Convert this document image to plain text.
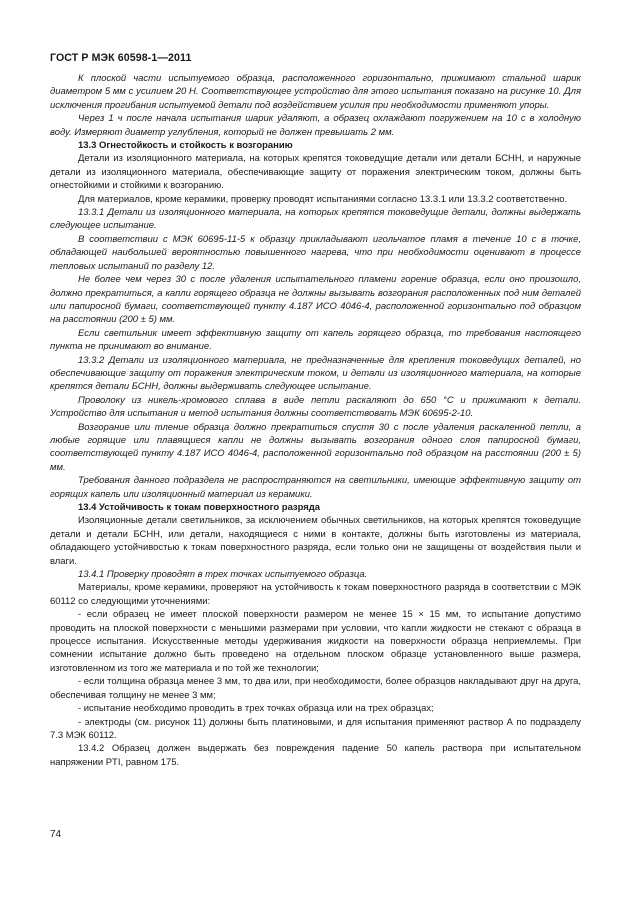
ГОСТ Р МЭК 60598-1—2011

К плоской части испытуемого образца, расположенного горизонтально, прижимают стальной шарик диаметром 5 мм с усилием 20 Н. Соответствующее устройство для этого испытания показано на рисунке 10. Для исключения прогибания испытуемой детали под воздействием усилия при необходимости применяют упоры.

Через 1 ч после начала испытания шарик удаляют, а образец охлаждают погружением на 10 с в холодную воду. Измеряют диаметр углубления, который не должен превышать 2 мм.

13.3 Огнестойкость и стойкость к возгоранию

Детали из изоляционного материала, на которых крепятся токоведущие детали или детали БСНН, и наружные детали из изоляционного материала, обеспечивающие защиту от поражения электрическим током, должны быть огнестойкими и стойкими к возгоранию.

Для материалов, кроме керамики, проверку проводят испытаниями согласно 13.3.1 или 13.3.2 соответственно.

13.3.1 Детали из изоляционного материала, на которых крепятся токоведущие детали, должны выдержать следующее испытание.

В соответствии с МЭК 60695-11-5 к образцу прикладывают игольчатое пламя в течение 10 с в точке, обладающей наибольшей вероятностью повышенного нагрева, что при необходимости оценивают в процессе тепловых испытаний по разделу 12.

Не более чем через 30 с после удаления испытательного пламени горение образца, если оно произошло, должно прекратиться, а капли горящего образца не должны вызывать возгорания расположенных под ним деталей или папиросной бумаги, соответствующей пункту 4.187 ИСО 4046-4, расположенной горизонтально под образцом на расстоянии (200 ± 5) мм.

Если светильник имеет эффективную защиту от капель горящего образца, то требования настоящего пункта не принимают во внимание.

13.3.2 Детали из изоляционного материала, не предназначенные для крепления токоведущих деталей, но обеспечивающие защиту от поражения электрическим током, и детали из изоляционного материала, на которые крепятся детали БСНН, должны выдерживать следующее испытание.

Проволоку из никель-хромового сплава в виде петли раскаляют до 650 °С и прижимают к детали. Устройство для испытания и метод испытания должны соответствовать МЭК 60695-2-10.

Возгорание или тление образца должно прекратиться спустя 30 с после удаления раскаленной петли, а любые горящие или плавящиеся капли не должны вызывать возгорания одного слоя папиросной бумаги, соответствующей пункту 4.187 ИСО 4046-4, расположенной горизонтально под образцом на расстоянии (200 ± 5) мм.

Требования данного подраздела не распространяются на светильники, имеющие эффективную защиту от горящих капель или изоляционный материал из керамики.

13.4 Устойчивость к токам поверхностного разряда

Изоляционные детали светильников, за исключением обычных светильников, на которых крепятся токоведущие детали и детали БСНН, или детали, находящиеся с ними в контакте, должны быть изготовлены из материала, обладающего устойчивостью к токам поверхностного разряда, если только они не защищены от воздействия пыли и влаги.

13.4.1 Проверку проводят в трех точках испытуемого образца.

Материалы, кроме керамики, проверяют на устойчивость к токам поверхностного разряда в соответствии с МЭК 60112 со следующими уточнениями:

- если образец не имеет плоской поверхности размером не менее 15 × 15 мм, то испытание допустимо проводить на плоской поверхности с меньшими размерами при условии, что капли жидкости не стекают с образца в процессе испытания. Искусственные методы удерживания жидкости на поверхности образца неприемлемы. При сомнении испытание должно быть проведено на отдельном плоском образце установленного выше размера, изготовленном из того же материала и по той же технологии;

- если толщина образца менее 3 мм, то два или, при необходимости, более образцов накладывают друг на друга, обеспечивая толщину не менее 3 мм;

- испытание необходимо проводить в трех точках образца или на трех образцах;

- электроды (см. рисунок 11) должны быть платиновыми, и для испытания применяют раствор А по подразделу 7.3 МЭК 60112.

13.4.2 Образец должен выдержать без повреждения падение 50 капель раствора при испытательном напряжении PTI, равном 175.

74
